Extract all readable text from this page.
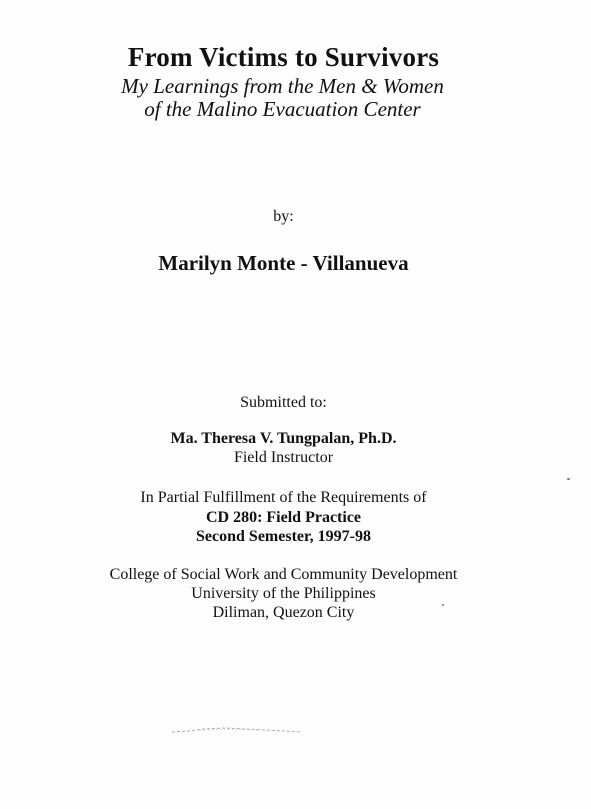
From Victims to Survivors
My Learnings from the Men & Women
of the Malino Evacuation Center
by:
Marilyn Monte - Villanueva
Submitted to:
Ma. Theresa V. Tungpalan, Ph.D.
Field Instructor
In Partial Fulfillment of the Requirements of
CD 280: Field Practice
Second Semester, 1997-98
College of Social Work and Community Development
University of the Philippines
Diliman, Quezon City
